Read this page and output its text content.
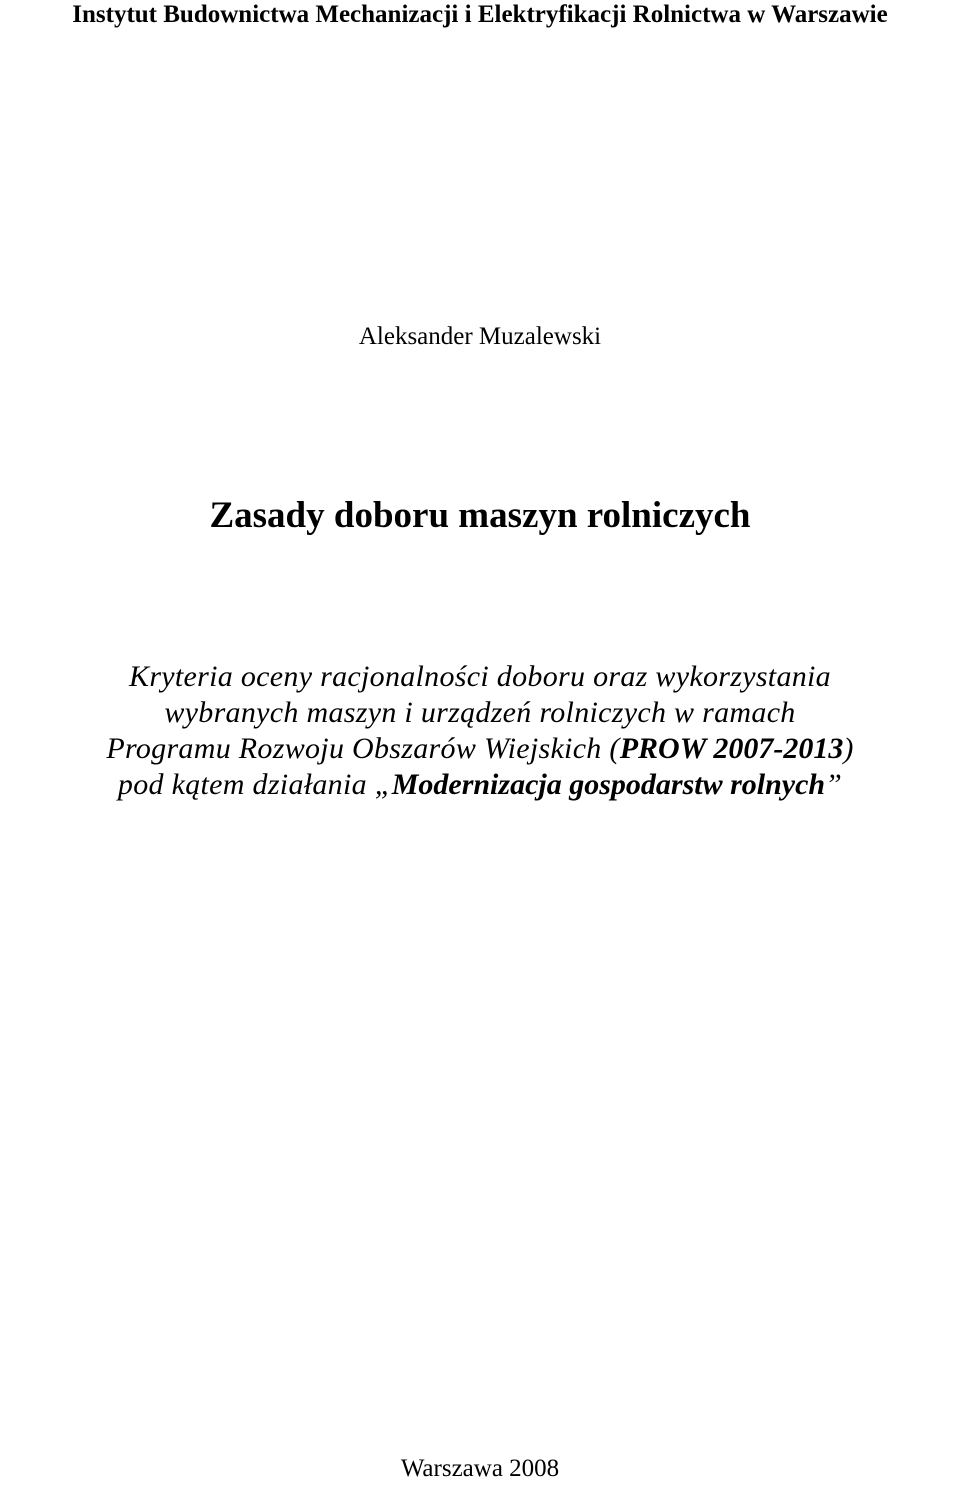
Instytut Budownictwa Mechanizacji i Elektryfikacji Rolnictwa w Warszawie
Aleksander Muzalewski
Zasady doboru maszyn rolniczych
Kryteria oceny racjonalności doboru oraz wykorzystania
wybranych maszyn i urządzeń rolniczych w ramach
Programu Rozwoju Obszarów Wiejskich (PROW 2007-2013)
pod kątem działania „Modernizacja gospodarstw rolnych”
Warszawa 2008
